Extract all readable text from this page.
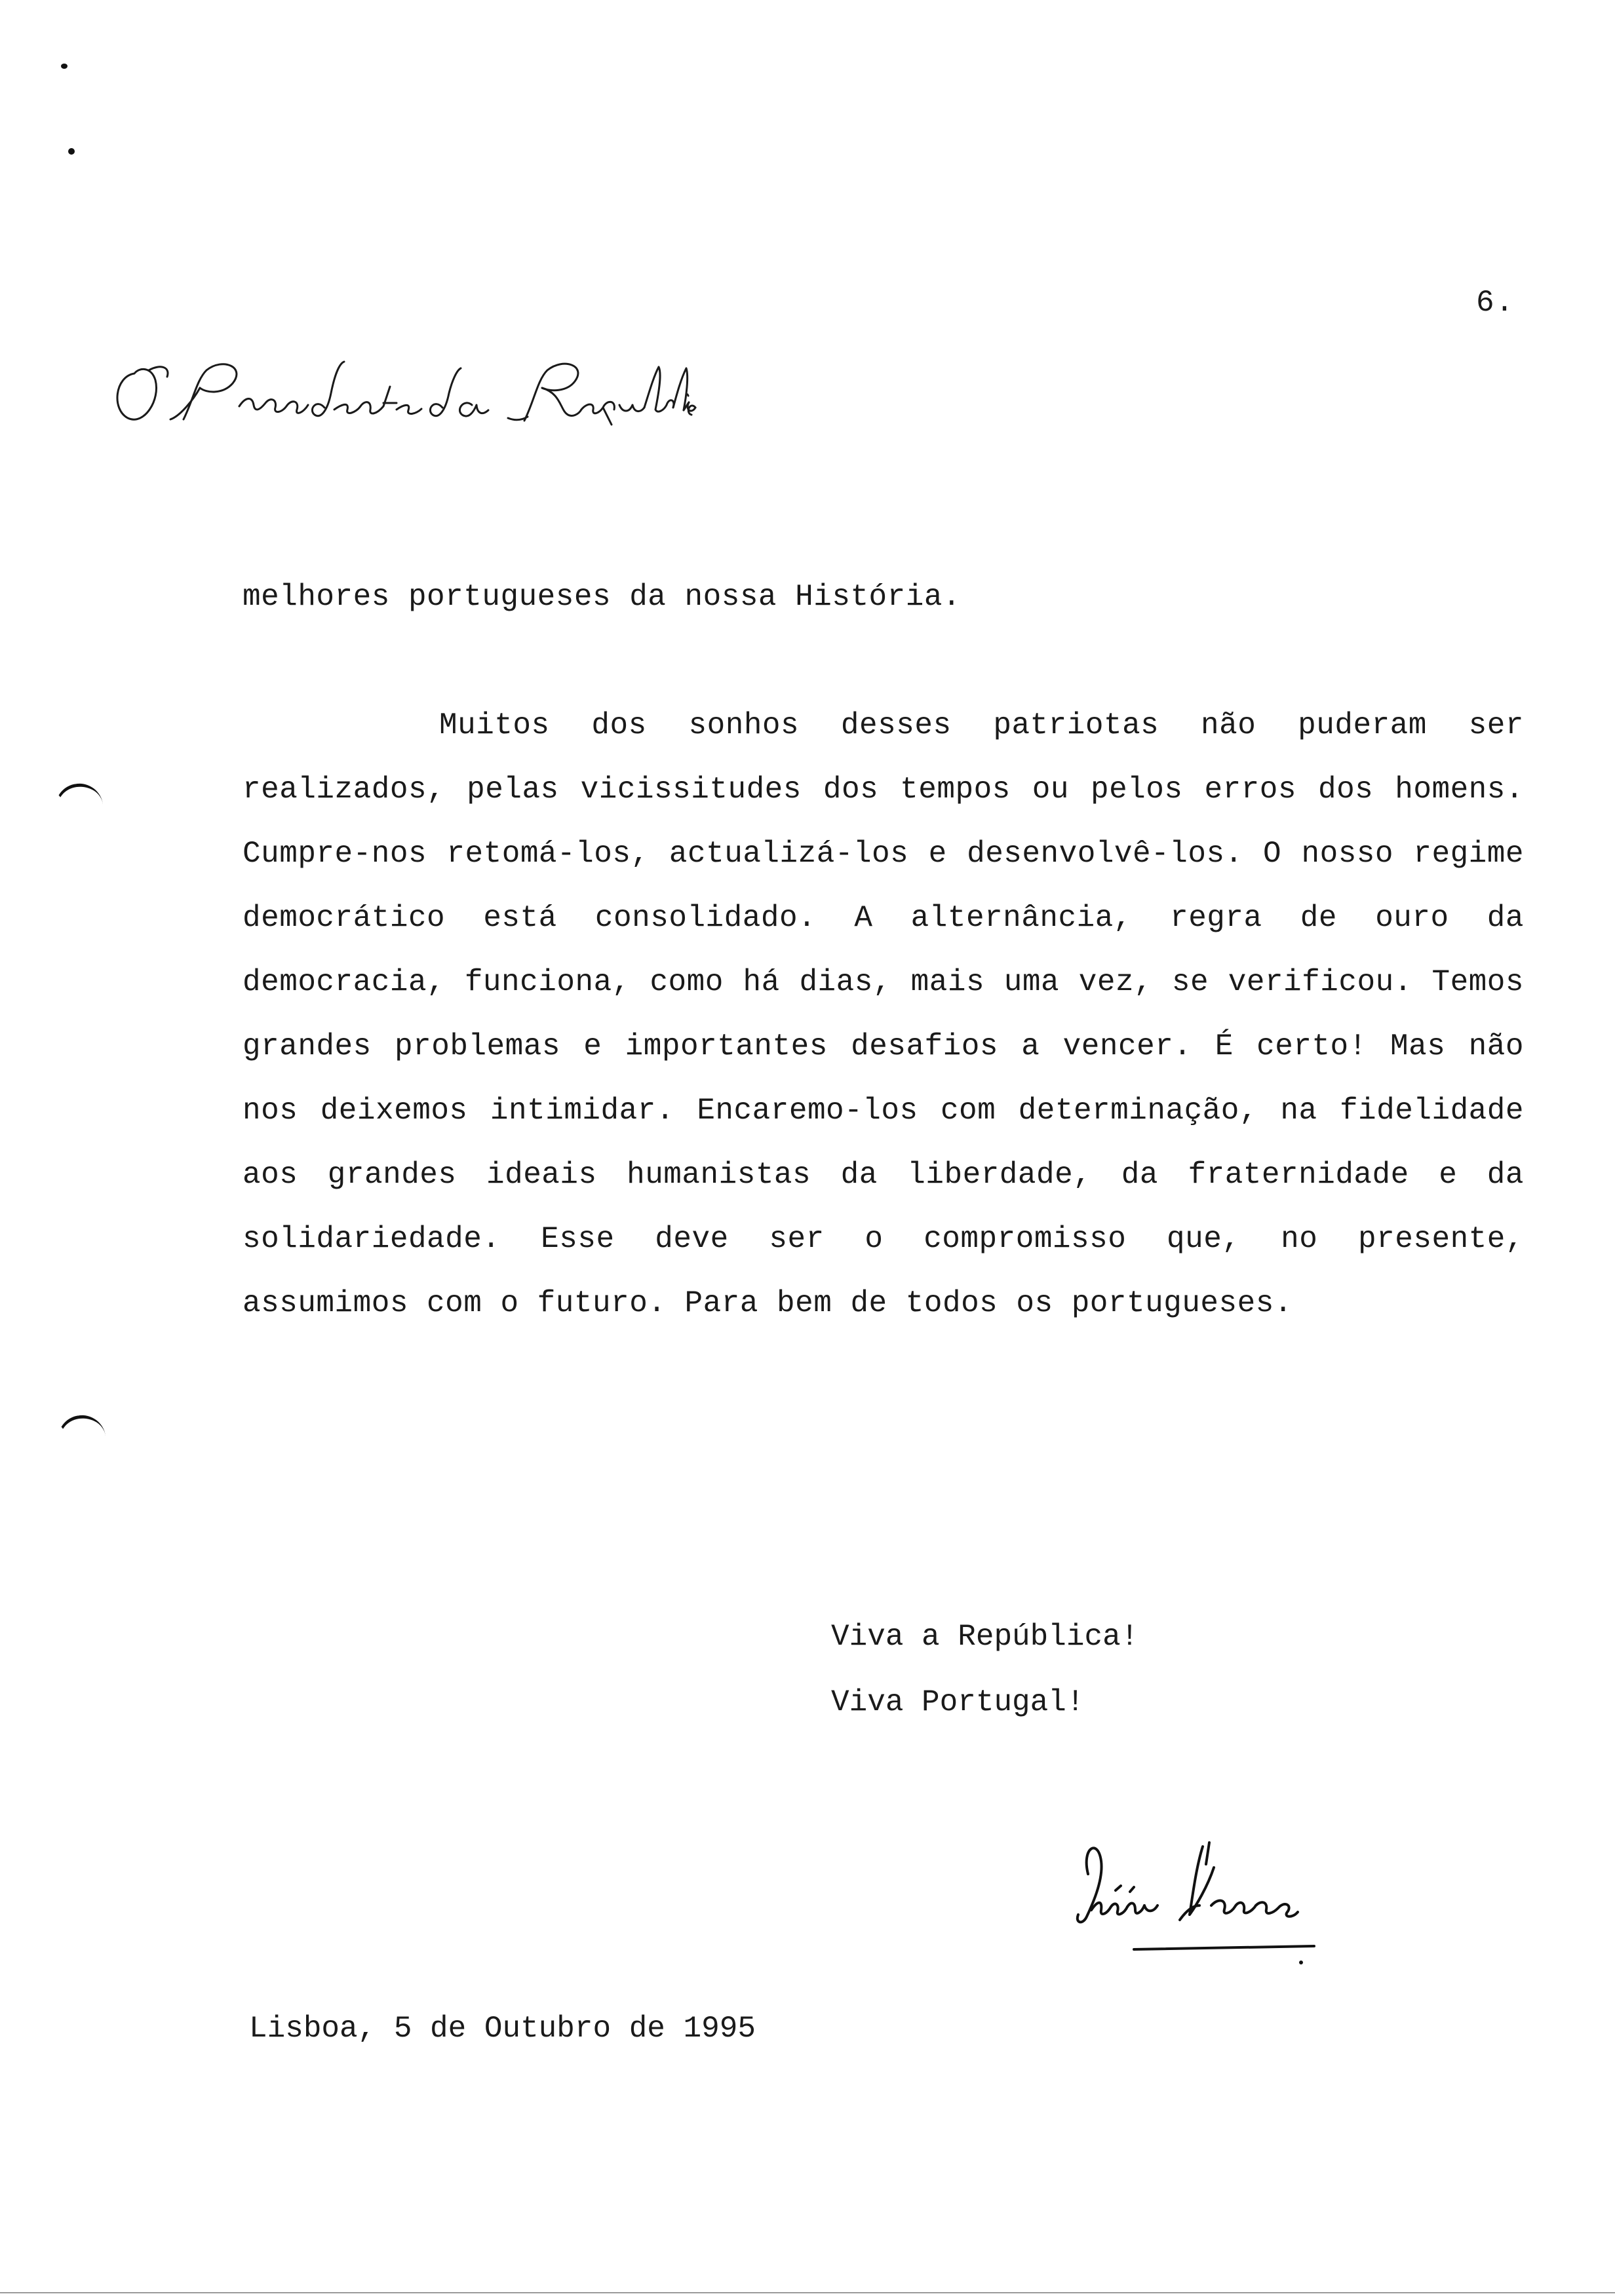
6.
melhores portugueses da nossa História.
Muitos dos sonhos desses patriotas não puderam ser realizados, pelas vicissitudes dos tempos ou pelos erros dos homens. Cumpre-nos retomá-los, actualizá-los e desenvolvê-los. O nosso regime democrático está consolidado. A alternância, regra de ouro da democracia, funciona, como há dias, mais uma vez, se verificou. Temos grandes problemas e importantes desafios a vencer. É certo! Mas não nos deixemos intimidar. Encaremo-los com determinação, na fidelidade aos grandes ideais humanistas da liberdade, da fraternidade e da solidariedade. Esse deve ser o compromisso que, no presente, assumimos com o futuro. Para bem de todos os portugueses.
Viva a República!
Viva Portugal!
Lisboa, 5 de Outubro de 1995
